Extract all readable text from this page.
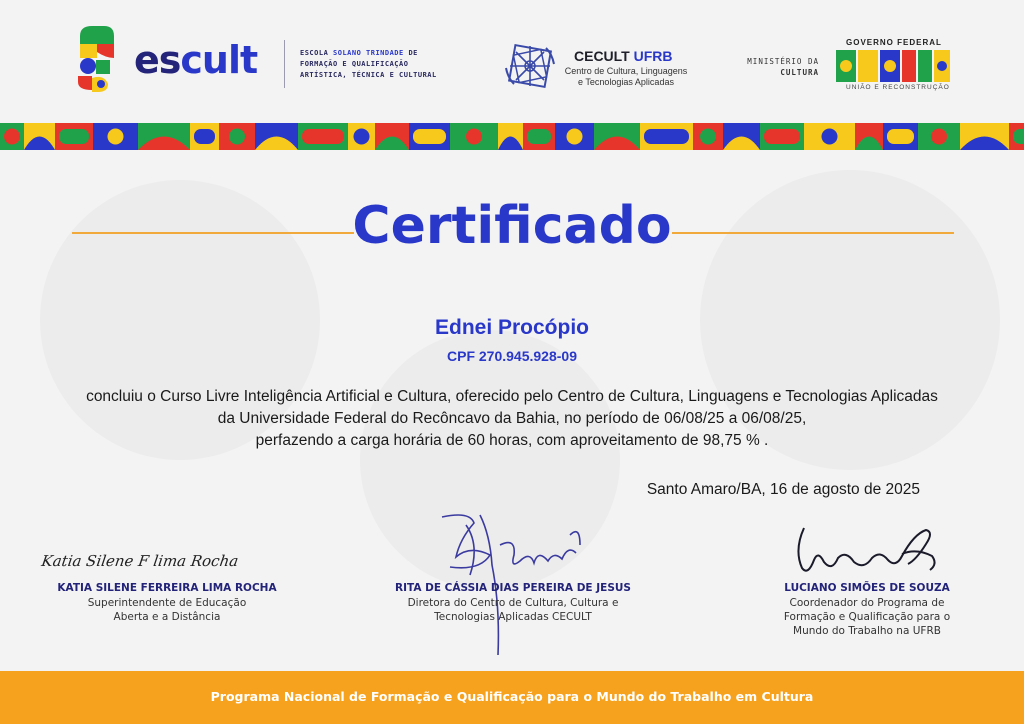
escult	ESCOLA SOLANO TRINDADE DE
FORMAÇÃO E QUALIFICAÇÃO
ARTÍSTICA, TÉCNICA E CULTURAL
CECULT UFRB
Centro de Cultura, Linguagens
e Tecnologias Aplicadas
MINISTÉRIO DA
CULTURA
GOVERNO FEDERAL
UNIÃO E RECONSTRUÇÃO
Certificado
Ednei Procópio
CPF 270.945.928-09
concluiu o Curso Livre Inteligência Artificial e Cultura, oferecido pelo Centro de Cultura, Linguagens e Tecnologias Aplicadas
da Universidade Federal do Recôncavo da Bahia, no período de 06/08/25 a 06/08/25,
perfazendo a carga horária de 60 horas, com aproveitamento de 98,75 % .
Santo Amaro/BA, 16 de agosto de 2025
Katia Silene F lima Rocha
KATIA SILENE FERREIRA LIMA ROCHA
Superintendente de Educação
Aberta e a Distância
RITA DE CÁSSIA DIAS PEREIRA DE JESUS
Diretora do Centro de Cultura, Cultura e
Tecnologias Aplicadas CECULT
LUCIANO SIMÕES DE SOUZA
Coordenador do Programa de
Formação e Qualificação para o
Mundo do Trabalho na UFRB
Programa Nacional de Formação e Qualificação para o Mundo do Trabalho em Cultura
